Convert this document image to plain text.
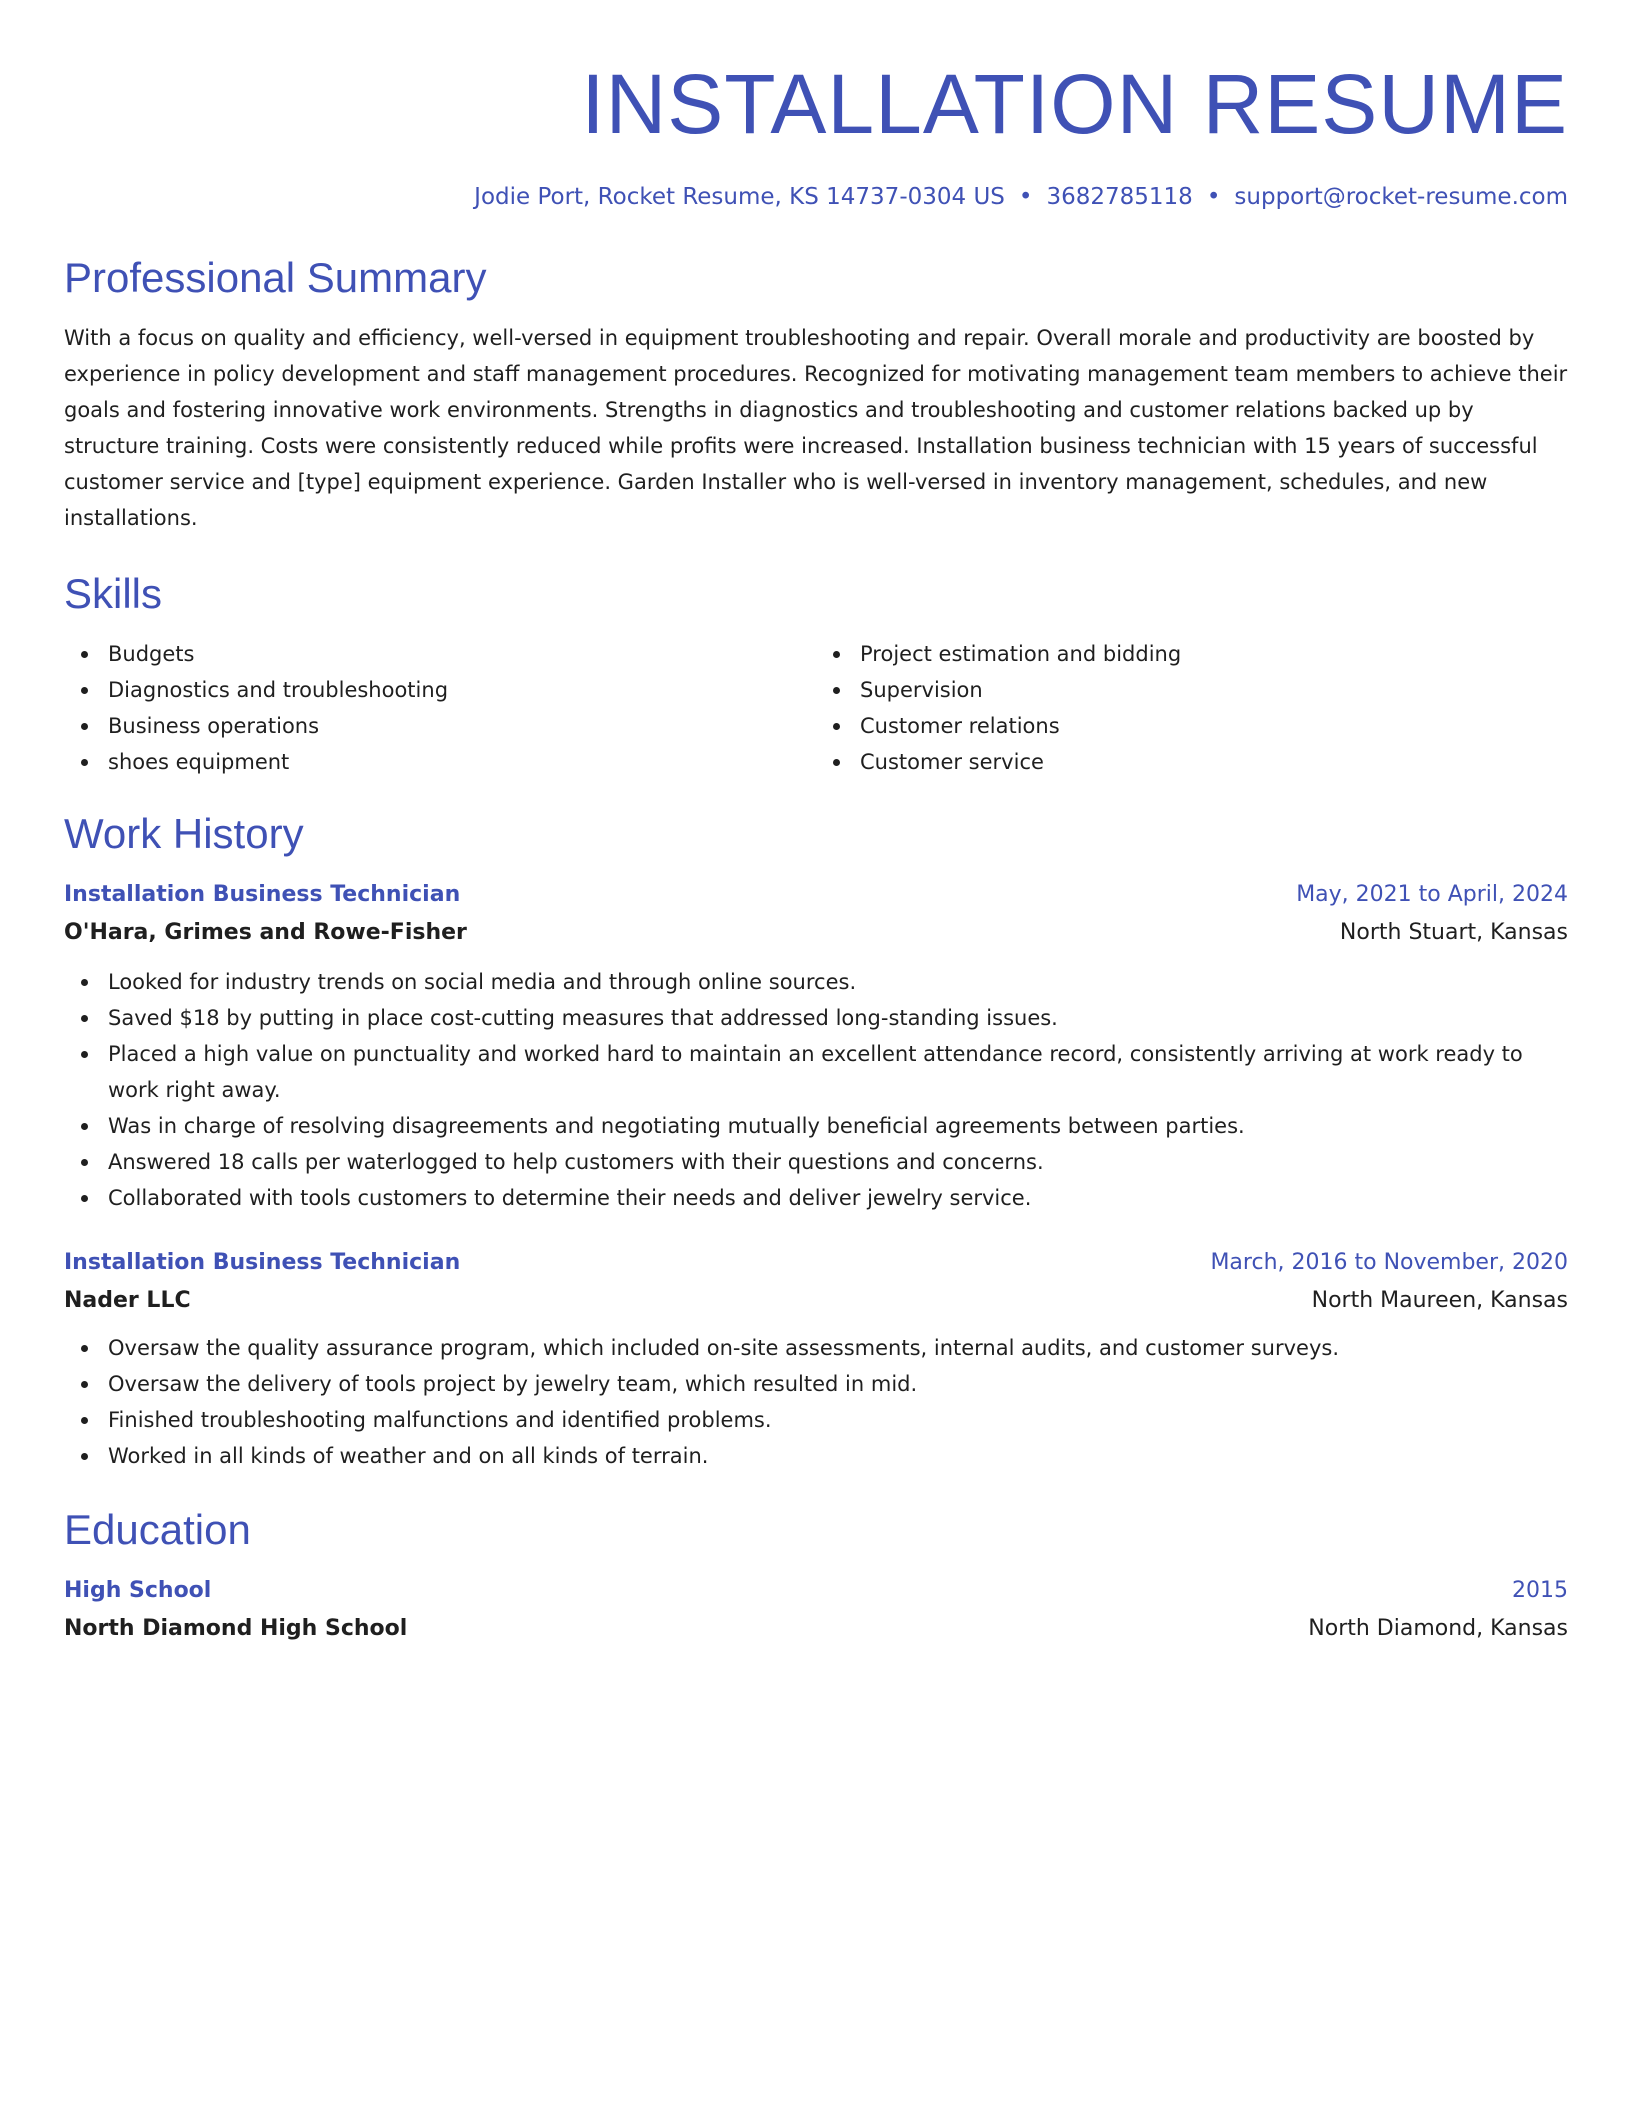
INSTALLATION RESUME
Jodie Port, Rocket Resume, KS 14737-0304 US • 3682785118 • support@rocket-resume.com
Professional Summary
With a focus on quality and efficiency, well-versed in equipment troubleshooting and repair. Overall morale and productivity are boosted by experience in policy development and staff management procedures. Recognized for motivating management team members to achieve their goals and fostering innovative work environments. Strengths in diagnostics and troubleshooting and customer relations backed up by structure training. Costs were consistently reduced while profits were increased. Installation business technician with 15 years of successful customer service and [type] equipment experience. Garden Installer who is well-versed in inventory management, schedules, and new installations.
Skills
Budgets
Diagnostics and troubleshooting
Business operations
shoes equipment
Project estimation and bidding
Supervision
Customer relations
Customer service
Work History
Installation Business Technician	May, 2021 to April, 2024
O'Hara, Grimes and Rowe-Fisher	North Stuart, Kansas
Looked for industry trends on social media and through online sources.
Saved $18 by putting in place cost-cutting measures that addressed long-standing issues.
Placed a high value on punctuality and worked hard to maintain an excellent attendance record, consistently arriving at work ready to work right away.
Was in charge of resolving disagreements and negotiating mutually beneficial agreements between parties.
Answered 18 calls per waterlogged to help customers with their questions and concerns.
Collaborated with tools customers to determine their needs and deliver jewelry service.
Installation Business Technician	March, 2016 to November, 2020
Nader LLC	North Maureen, Kansas
Oversaw the quality assurance program, which included on-site assessments, internal audits, and customer surveys.
Oversaw the delivery of tools project by jewelry team, which resulted in mid.
Finished troubleshooting malfunctions and identified problems.
Worked in all kinds of weather and on all kinds of terrain.
Education
High School	2015
North Diamond High School	North Diamond, Kansas
